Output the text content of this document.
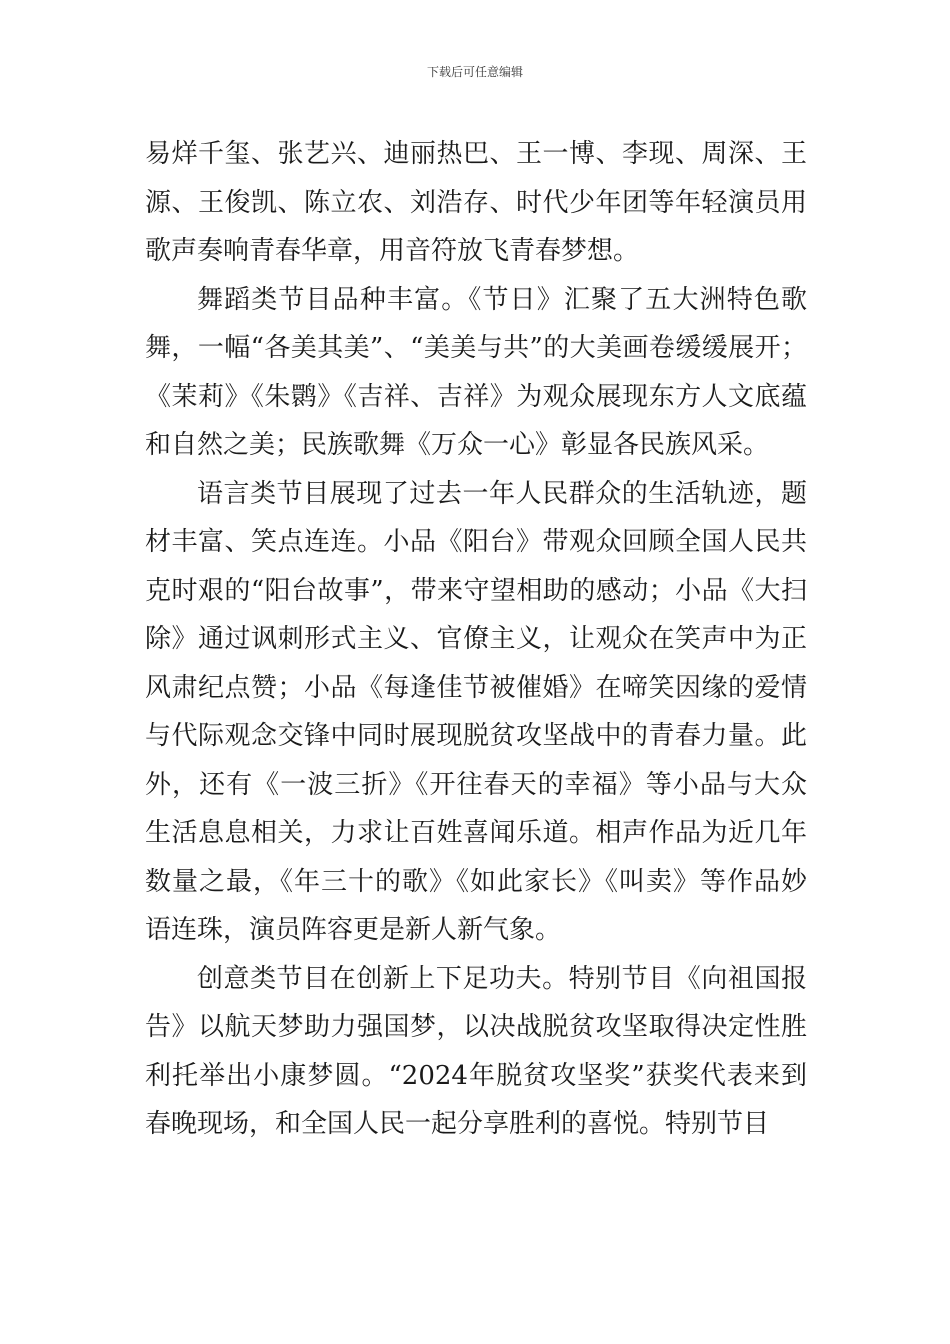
下载后可任意编辑

易烊千玺、张艺兴、迪丽热巴、王一博、李现、周深、王源、王俊凯、陈立农、刘浩存、时代少年团等年轻演员用歌声奏响青春华章，用音符放飞青春梦想。

舞蹈类节目品种丰富。《节日》汇聚了五大洲特色歌舞，一幅“各美其美”、“美美与共”的大美画卷缓缓展开；《茉莉》《朱鹮》《吉祥、吉祥》为观众展现东方人文底蕴和自然之美；民族歌舞《万众一心》彰显各民族风采。

语言类节目展现了过去一年人民群众的生活轨迹，题材丰富、笑点连连。小品《阳台》带观众回顾全国人民共克时艰的“阳台故事”，带来守望相助的感动；小品《大扫除》通过讽刺形式主义、官僚主义，让观众在笑声中为正风肃纪点赞；小品《每逢佳节被催婚》在啼笑因缘的爱情与代际观念交锋中同时展现脱贫攻坚战中的青春力量。此外，还有《一波三折》《开往春天的幸福》等小品与大众生活息息相关，力求让百姓喜闻乐道。相声作品为近几年数量之最，《年三十的歌》《如此家长》《叫卖》等作品妙语连珠，演员阵容更是新人新气象。

创意类节目在创新上下足功夫。特别节目《向祖国报告》以航天梦助力强国梦，以决战脱贫攻坚取得决定性胜利托举出小康梦圆。“2024年脱贫攻坚奖”获奖代表来到春晚现场，和全国人民一起分享胜利的喜悦。特别节目
